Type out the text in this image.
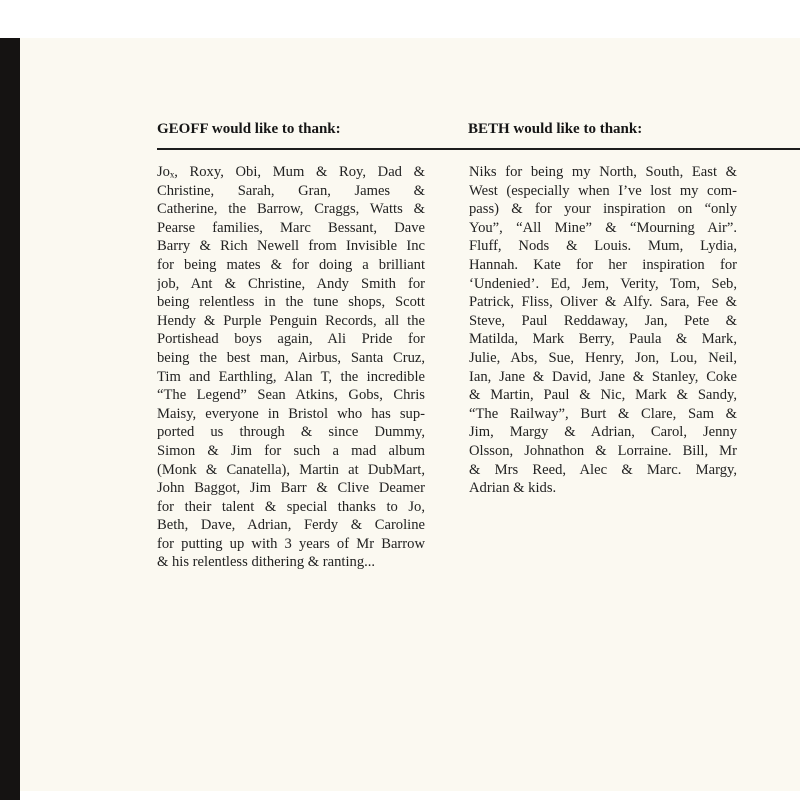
GEOFF would like to thank:	BETH would like to thank:
Joₓ, Roxy, Obi, Mum & Roy, Dad &
Christine, Sarah, Gran, James &
Catherine, the Barrow, Craggs, Watts &
Pearse families, Marc Bessant, Dave
Barry & Rich Newell from Invisible Inc
for being mates & for doing a brilliant
job, Ant & Christine, Andy Smith for
being relentless in the tune shops, Scott
Hendy & Purple Penguin Records, all the
Portishead boys again, Ali Pride for
being the best man, Airbus, Santa Cruz,
Tim and Earthling, Alan T, the incredible
“The Legend” Sean Atkins, Gobs, Chris
Maisy, everyone in Bristol who has sup-
ported us through & since Dummy,
Simon & Jim for such a mad album
(Monk & Canatella), Martin at DubMart,
John Baggot, Jim Barr & Clive Deamer
for their talent & special thanks to Jo,
Beth, Dave, Adrian, Ferdy & Caroline
for putting up with 3 years of Mr Barrow
& his relentless dithering & ranting...
Niks for being my North, South, East &
West (especially when I’ve lost my com-
pass) & for your inspiration on “only
You”, “All Mine” & “Mourning Air”.
Fluff, Nods & Louis. Mum, Lydia,
Hannah. Kate for her inspiration for
‘Undenied’. Ed, Jem, Verity, Tom, Seb,
Patrick, Fliss, Oliver & Alfy. Sara, Fee &
Steve, Paul Reddaway, Jan, Pete &
Matilda, Mark Berry, Paula & Mark,
Julie, Abs, Sue, Henry, Jon, Lou, Neil,
Ian, Jane & David, Jane & Stanley, Coke
& Martin, Paul & Nic, Mark & Sandy,
“The Railway”, Burt & Clare, Sam &
Jim, Margy & Adrian, Carol, Jenny
Olsson, Johnathon & Lorraine. Bill, Mr
& Mrs Reed, Alec & Marc. Margy,
Adrian & kids.
